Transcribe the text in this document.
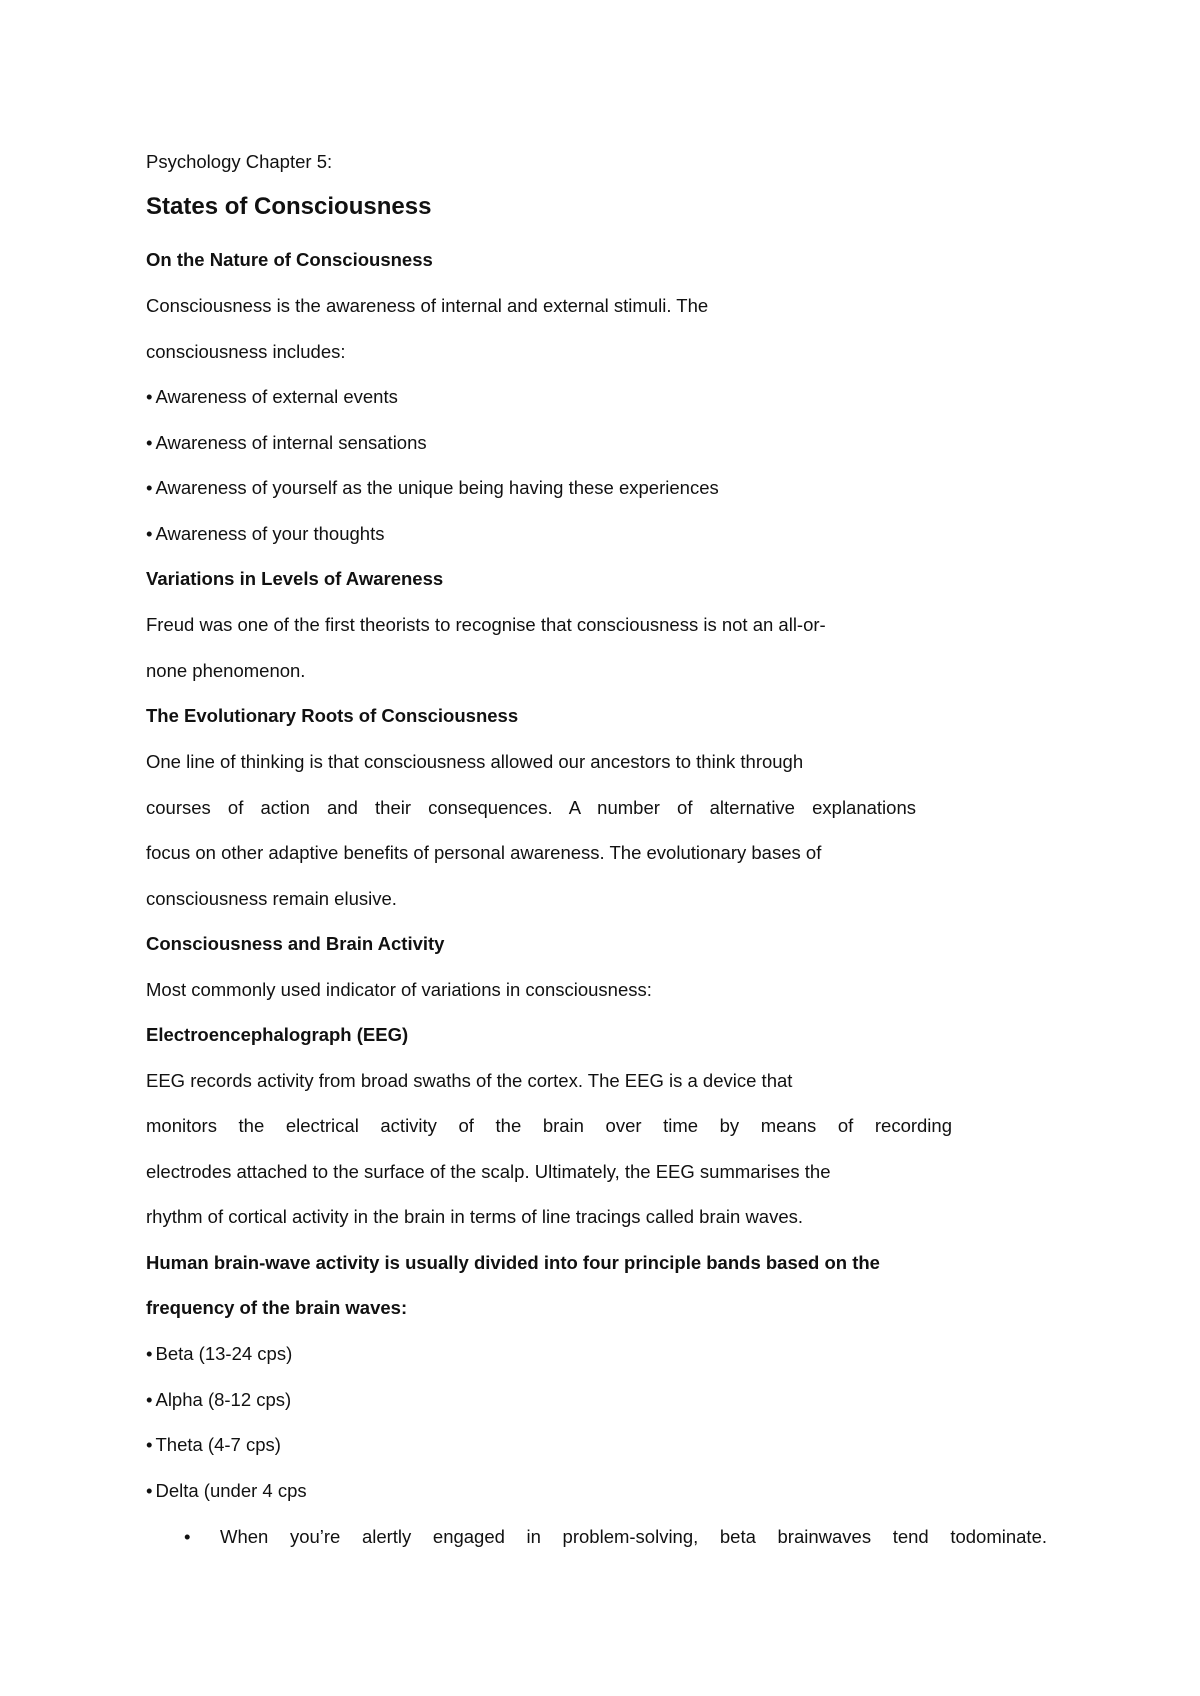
Psychology Chapter 5:
States of Consciousness
On the Nature of Consciousness
Consciousness is the awareness of internal and external stimuli. The
consciousness includes:
• Awareness of external events
• Awareness of internal sensations
• Awareness of yourself as the unique being having these experiences
• Awareness of your thoughts
Variations in Levels of Awareness
Freud was one of the first theorists to recognise that consciousness is not an all-or-
none phenomenon.
The Evolutionary Roots of Consciousness
One line of thinking is that consciousness allowed our ancestors to think through
courses of action and their consequences. A number of alternative explanations
focus on other adaptive benefits of personal awareness. The evolutionary bases of
consciousness remain elusive.
Consciousness and Brain Activity
Most commonly used indicator of variations in consciousness:
Electroencephalograph (EEG)
EEG records activity from broad swaths of the cortex. The EEG is a device that
monitors the electrical activity of the brain over time by means of recording
electrodes attached to the surface of the scalp. Ultimately, the EEG summarises the
rhythm of cortical activity in the brain in terms of line tracings called brain waves.
Human brain-wave activity is usually divided into four principle bands based on the
frequency of the brain waves:
• Beta (13-24 cps)
• Alpha (8-12 cps)
• Theta (4-7 cps)
• Delta (under 4 cps
• When you’re alertly engaged in problem-solving, beta brainwaves tend todominate.
